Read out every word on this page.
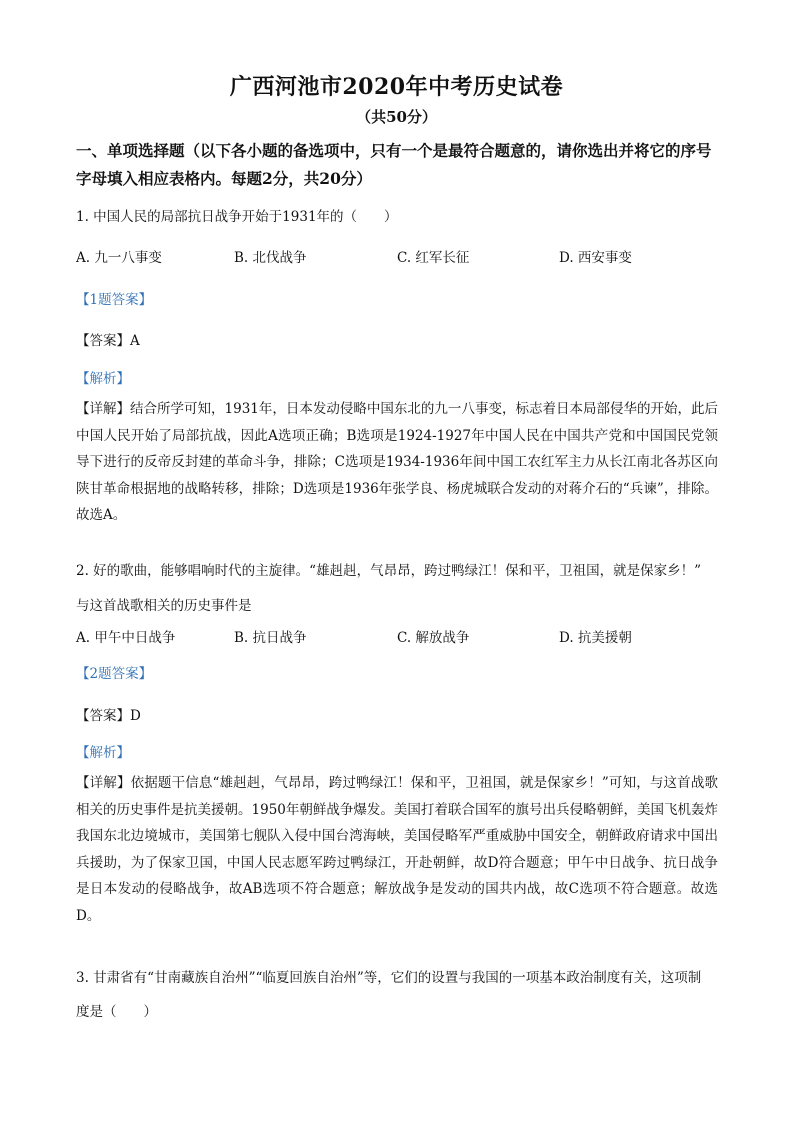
广西河池市2020年中考历史试卷
（共50分）
一、单项选择题（以下各小题的备选项中，只有一个是最符合题意的，请你选出并将它的序号字母填入相应表格内。每题2分，共20分）
1. 中国人民的局部抗日战争开始于1931年的（　　）
A. 九一八事变	B. 北伐战争	C. 红军长征	D. 西安事变
【1题答案】
【答案】A
【解析】
【详解】结合所学可知，1931年，日本发动侵略中国东北的九一八事变，标志着日本局部侵华的开始，此后中国人民开始了局部抗战，因此A选项正确；B选项是1924-1927年中国人民在中国共产党和中国国民党领导下进行的反帝反封建的革命斗争，排除；C选项是1934-1936年间中国工农红军主力从长江南北各苏区向陕甘革命根据地的战略转移，排除；D选项是1936年张学良、杨虎城联合发动的对蒋介石的“兵谏”，排除。故选A。
2. 好的歌曲，能够唱响时代的主旋律。“雄赳赳，气昂昂，跨过鸭绿江！保和平，卫祖国，就是保家乡！”
与这首战歌相关的历史事件是
A. 甲午中日战争	B. 抗日战争	C. 解放战争	D. 抗美援朝
【2题答案】
【答案】D
【解析】
【详解】依据题干信息“雄赳赳，气昂昂，跨过鸭绿江！保和平，卫祖国，就是保家乡！”可知，与这首战歌相关的历史事件是抗美援朝。1950年朝鲜战争爆发。美国打着联合国军的旗号出兵侵略朝鲜，美国飞机轰炸我国东北边境城市，美国第七舰队入侵中国台湾海峡，美国侵略军严重威胁中国安全，朝鲜政府请求中国出兵援助，为了保家卫国，中国人民志愿军跨过鸭绿江，开赴朝鲜，故D符合题意；甲午中日战争、抗日战争是日本发动的侵略战争，故AB选项不符合题意；解放战争是发动的国共内战，故C选项不符合题意。故选D。
3. 甘肃省有“甘南藏族自治州”“临夏回族自治州”等，它们的设置与我国的一项基本政治制度有关，这项制
度是（　　）
